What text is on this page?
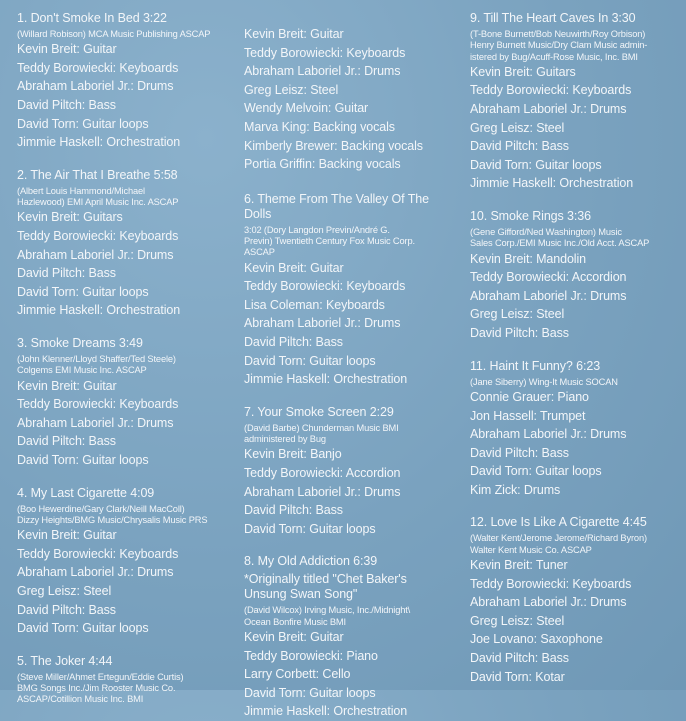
1. Don't Smoke In Bed 3:22
(Willard Robison) MCA Music Publishing ASCAP
Kevin Breit: Guitar
Teddy Borowiecki: Keyboards
Abraham Laboriel Jr.: Drums
David Piltch: Bass
David Torn: Guitar loops
Jimmie Haskell: Orchestration
2. The Air That I Breathe 5:58
(Albert Louis Hammond/Michael
Hazlewood) EMI April Music Inc. ASCAP
Kevin Breit: Guitars
Teddy Borowiecki: Keyboards
Abraham Laboriel Jr.: Drums
David Piltch: Bass
David Torn: Guitar loops
Jimmie Haskell: Orchestration
3. Smoke Dreams 3:49
(John Klenner/Lloyd Shaffer/Ted Steele)
Colgems EMI Music Inc. ASCAP
Kevin Breit: Guitar
Teddy Borowiecki: Keyboards
Abraham Laboriel Jr.: Drums
David Piltch: Bass
David Torn: Guitar loops
4. My Last Cigarette 4:09
(Boo Hewerdine/Gary Clark/Neill MacColl)
Dizzy Heights/BMG Music/Chrysalis Music PRS
Kevin Breit: Guitar
Teddy Borowiecki: Keyboards
Abraham Laboriel Jr.: Drums
Greg Leisz: Steel
David Piltch: Bass
David Torn: Guitar loops
5. The Joker 4:44
(Steve Miller/Ahmet Ertegun/Eddie Curtis)
BMG Songs Inc./Jim Rooster Music Co.
ASCAP/Cotillion Music Inc. BMI
Kevin Breit: Guitar
Teddy Borowiecki: Keyboards
Abraham Laboriel Jr.: Drums
Greg Leisz: Steel
Wendy Melvoin: Guitar
Marva King: Backing vocals
Kimberly Brewer: Backing vocals
Portia Griffin: Backing vocals
6. Theme From The Valley Of The Dolls
3:02 (Dory Langdon Previn/André G.
Previn) Twentieth Century Fox Music Corp.
ASCAP
Kevin Breit: Guitar
Teddy Borowiecki: Keyboards
Lisa Coleman: Keyboards
Abraham Laboriel Jr.: Drums
David Piltch: Bass
David Torn: Guitar loops
Jimmie Haskell: Orchestration
7. Your Smoke Screen 2:29
(David Barbe) Chunderman Music BMI
administered by Bug
Kevin Breit: Banjo
Teddy Borowiecki: Accordion
Abraham Laboriel Jr.: Drums
David Piltch: Bass
David Torn: Guitar loops
8. My Old Addiction 6:39
*Originally titled "Chet Baker's
Unsung Swan Song"
(David Wilcox) Irving Music, Inc./Midnight\
Ocean Bonfire Music BMI
Kevin Breit: Guitar
Teddy Borowiecki: Piano
Larry Corbett: Cello
David Torn: Guitar loops
Jimmie Haskell: Orchestration
9. Till The Heart Caves In 3:30
(T-Bone Burnett/Bob Neuwirth/Roy Orbison)
Henry Burnett Music/Dry Clam Music admin-
istered by Bug/Acuff-Rose Music, Inc. BMI
Kevin Breit: Guitars
Teddy Borowiecki: Keyboards
Abraham Laboriel Jr.: Drums
Greg Leisz: Steel
David Piltch: Bass
David Torn: Guitar loops
Jimmie Haskell: Orchestration
10. Smoke Rings 3:36
(Gene Gifford/Ned Washington) Music
Sales Corp./EMI Music Inc./Old Acct. ASCAP
Kevin Breit: Mandolin
Teddy Borowiecki: Accordion
Abraham Laboriel Jr.: Drums
Greg Leisz: Steel
David Piltch: Bass
11. Haint It Funny? 6:23
(Jane Siberry) Wing-It Music SOCAN
Connie Grauer: Piano
Jon Hassell: Trumpet
Abraham Laboriel Jr.: Drums
David Piltch: Bass
David Torn: Guitar loops
Kim Zick: Drums
12. Love Is Like A Cigarette 4:45
(Walter Kent/Jerome Jerome/Richard Byron)
Walter Kent Music Co. ASCAP
Kevin Breit: Tuner
Teddy Borowiecki: Keyboards
Abraham Laboriel Jr.: Drums
Greg Leisz: Steel
Joe Lovano: Saxophone
David Piltch: Bass
David Torn: Kotar
